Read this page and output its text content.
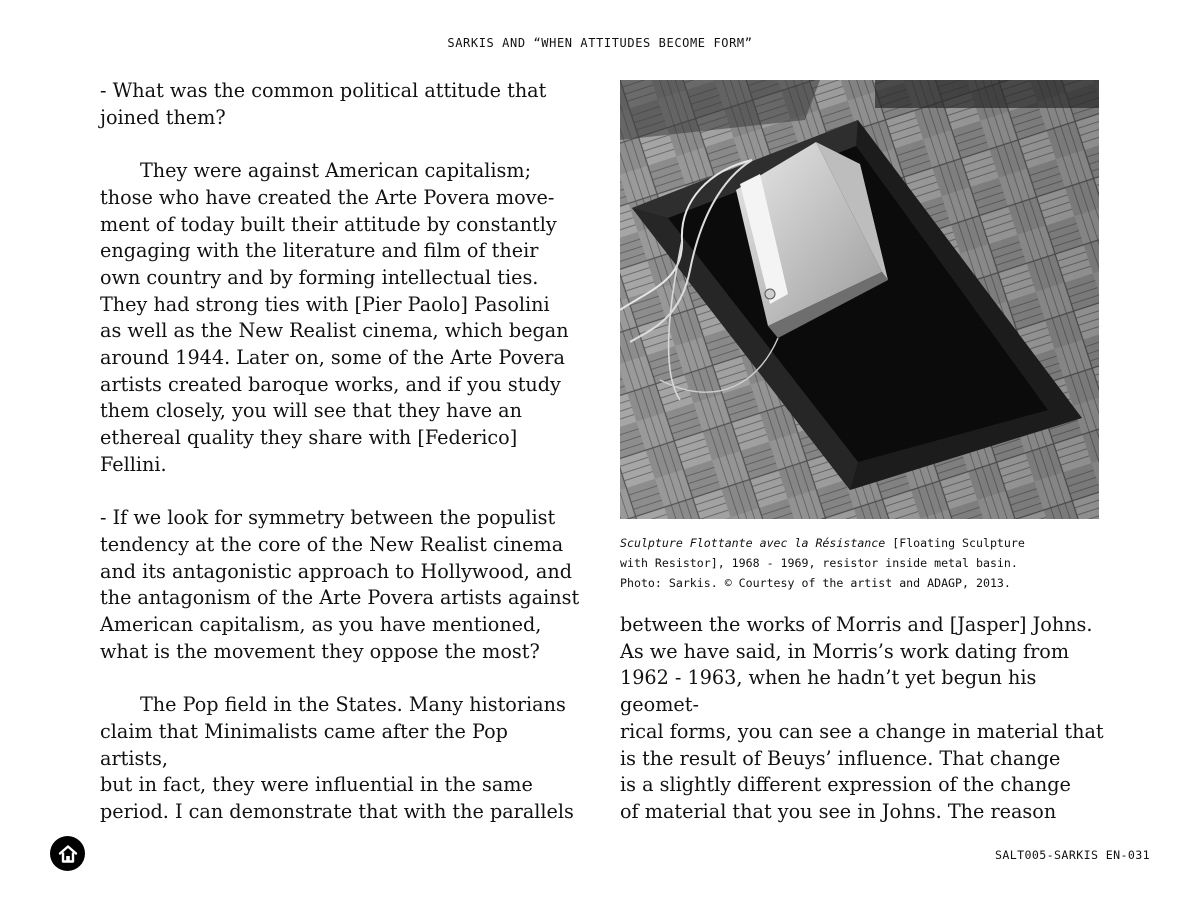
SARKIS AND “WHEN ATTITUDES BECOME FORM”

- What was the common political attitude that
joined them?

They were against American capitalism;
those who have created the Arte Povera move-
ment of today built their attitude by constantly
engaging with the literature and film of their
own country and by forming intellectual ties.
They had strong ties with [Pier Paolo] Pasolini
as well as the New Realist cinema, which began
around 1944. Later on, some of the Arte Povera
artists created baroque works, and if you study
them closely, you will see that they have an
ethereal quality they share with [Federico]
Fellini.

- If we look for symmetry between the populist
tendency at the core of the New Realist cinema
and its antagonistic approach to Hollywood, and
the antagonism of the Arte Povera artists against
American capitalism, as you have mentioned,
what is the movement they oppose the most?

The Pop field in the States. Many historians
claim that Minimalists came after the Pop artists,
but in fact, they were influential in the same
period. I can demonstrate that with the parallels

Sculpture Flottante avec la Résistance [Floating Sculpture
with Resistor], 1968 - 1969, resistor inside metal basin.
Photo: Sarkis. © Courtesy of the artist and ADAGP, 2013.
between the works of Morris and [Jasper] Johns.
As we have said, in Morris’s work dating from
1962 - 1963, when he hadn’t yet begun his geomet-
rical forms, you can see a change in material that
is the result of Beuys’ influence. That change
is a slightly different expression of the change
of material that you see in Johns. The reason
SALT005-SARKIS EN-031
